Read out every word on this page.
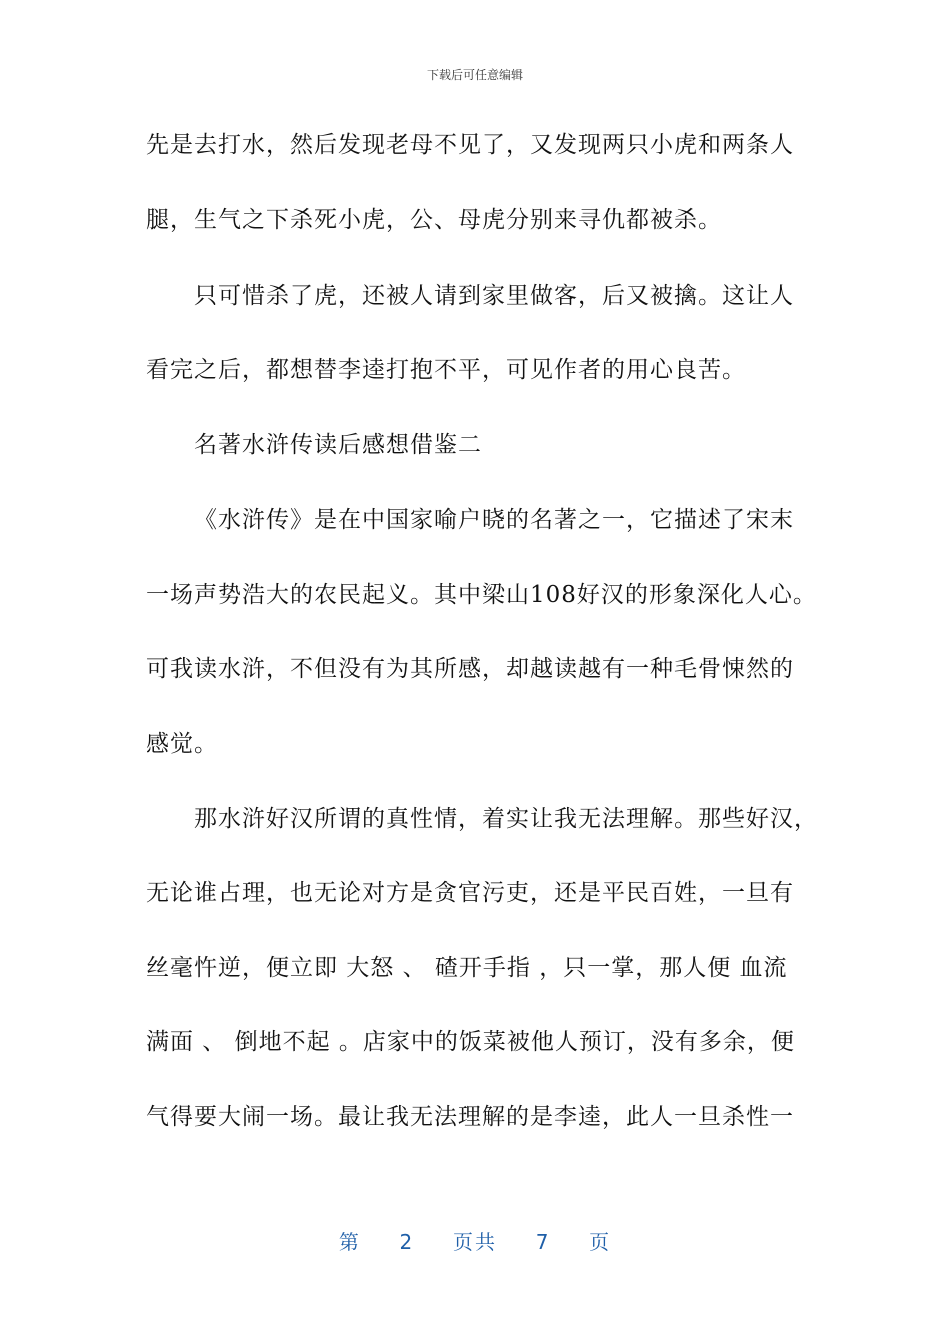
下载后可任意编辑
先是去打水，然后发现老母不见了，又发现两只小虎和两条人
腿，生气之下杀死小虎，公、母虎分别来寻仇都被杀。
只可惜杀了虎，还被人请到家里做客，后又被擒。这让人
看完之后，都想替李逵打抱不平，可见作者的用心良苦。
名著水浒传读后感想借鉴二
《水浒传》是在中国家喻户晓的名著之一，它描述了宋末
一场声势浩大的农民起义。其中梁山108好汉的形象深化人心。
可我读水浒，不但没有为其所感，却越读越有一种毛骨悚然的
感觉。
那水浒好汉所谓的真性情，着实让我无法理解。那些好汉，
无论谁占理，也无论对方是贪官污吏，还是平民百姓，一旦有
丝毫忤逆，便立即 大怒 、 碴开手指 ，只一掌，那人便 血流
满面 、 倒地不起 。店家中的饭菜被他人预订，没有多余，便
气得要大闹一场。最让我无法理解的是李逵，此人一旦杀性一
第 2 页共 7 页
